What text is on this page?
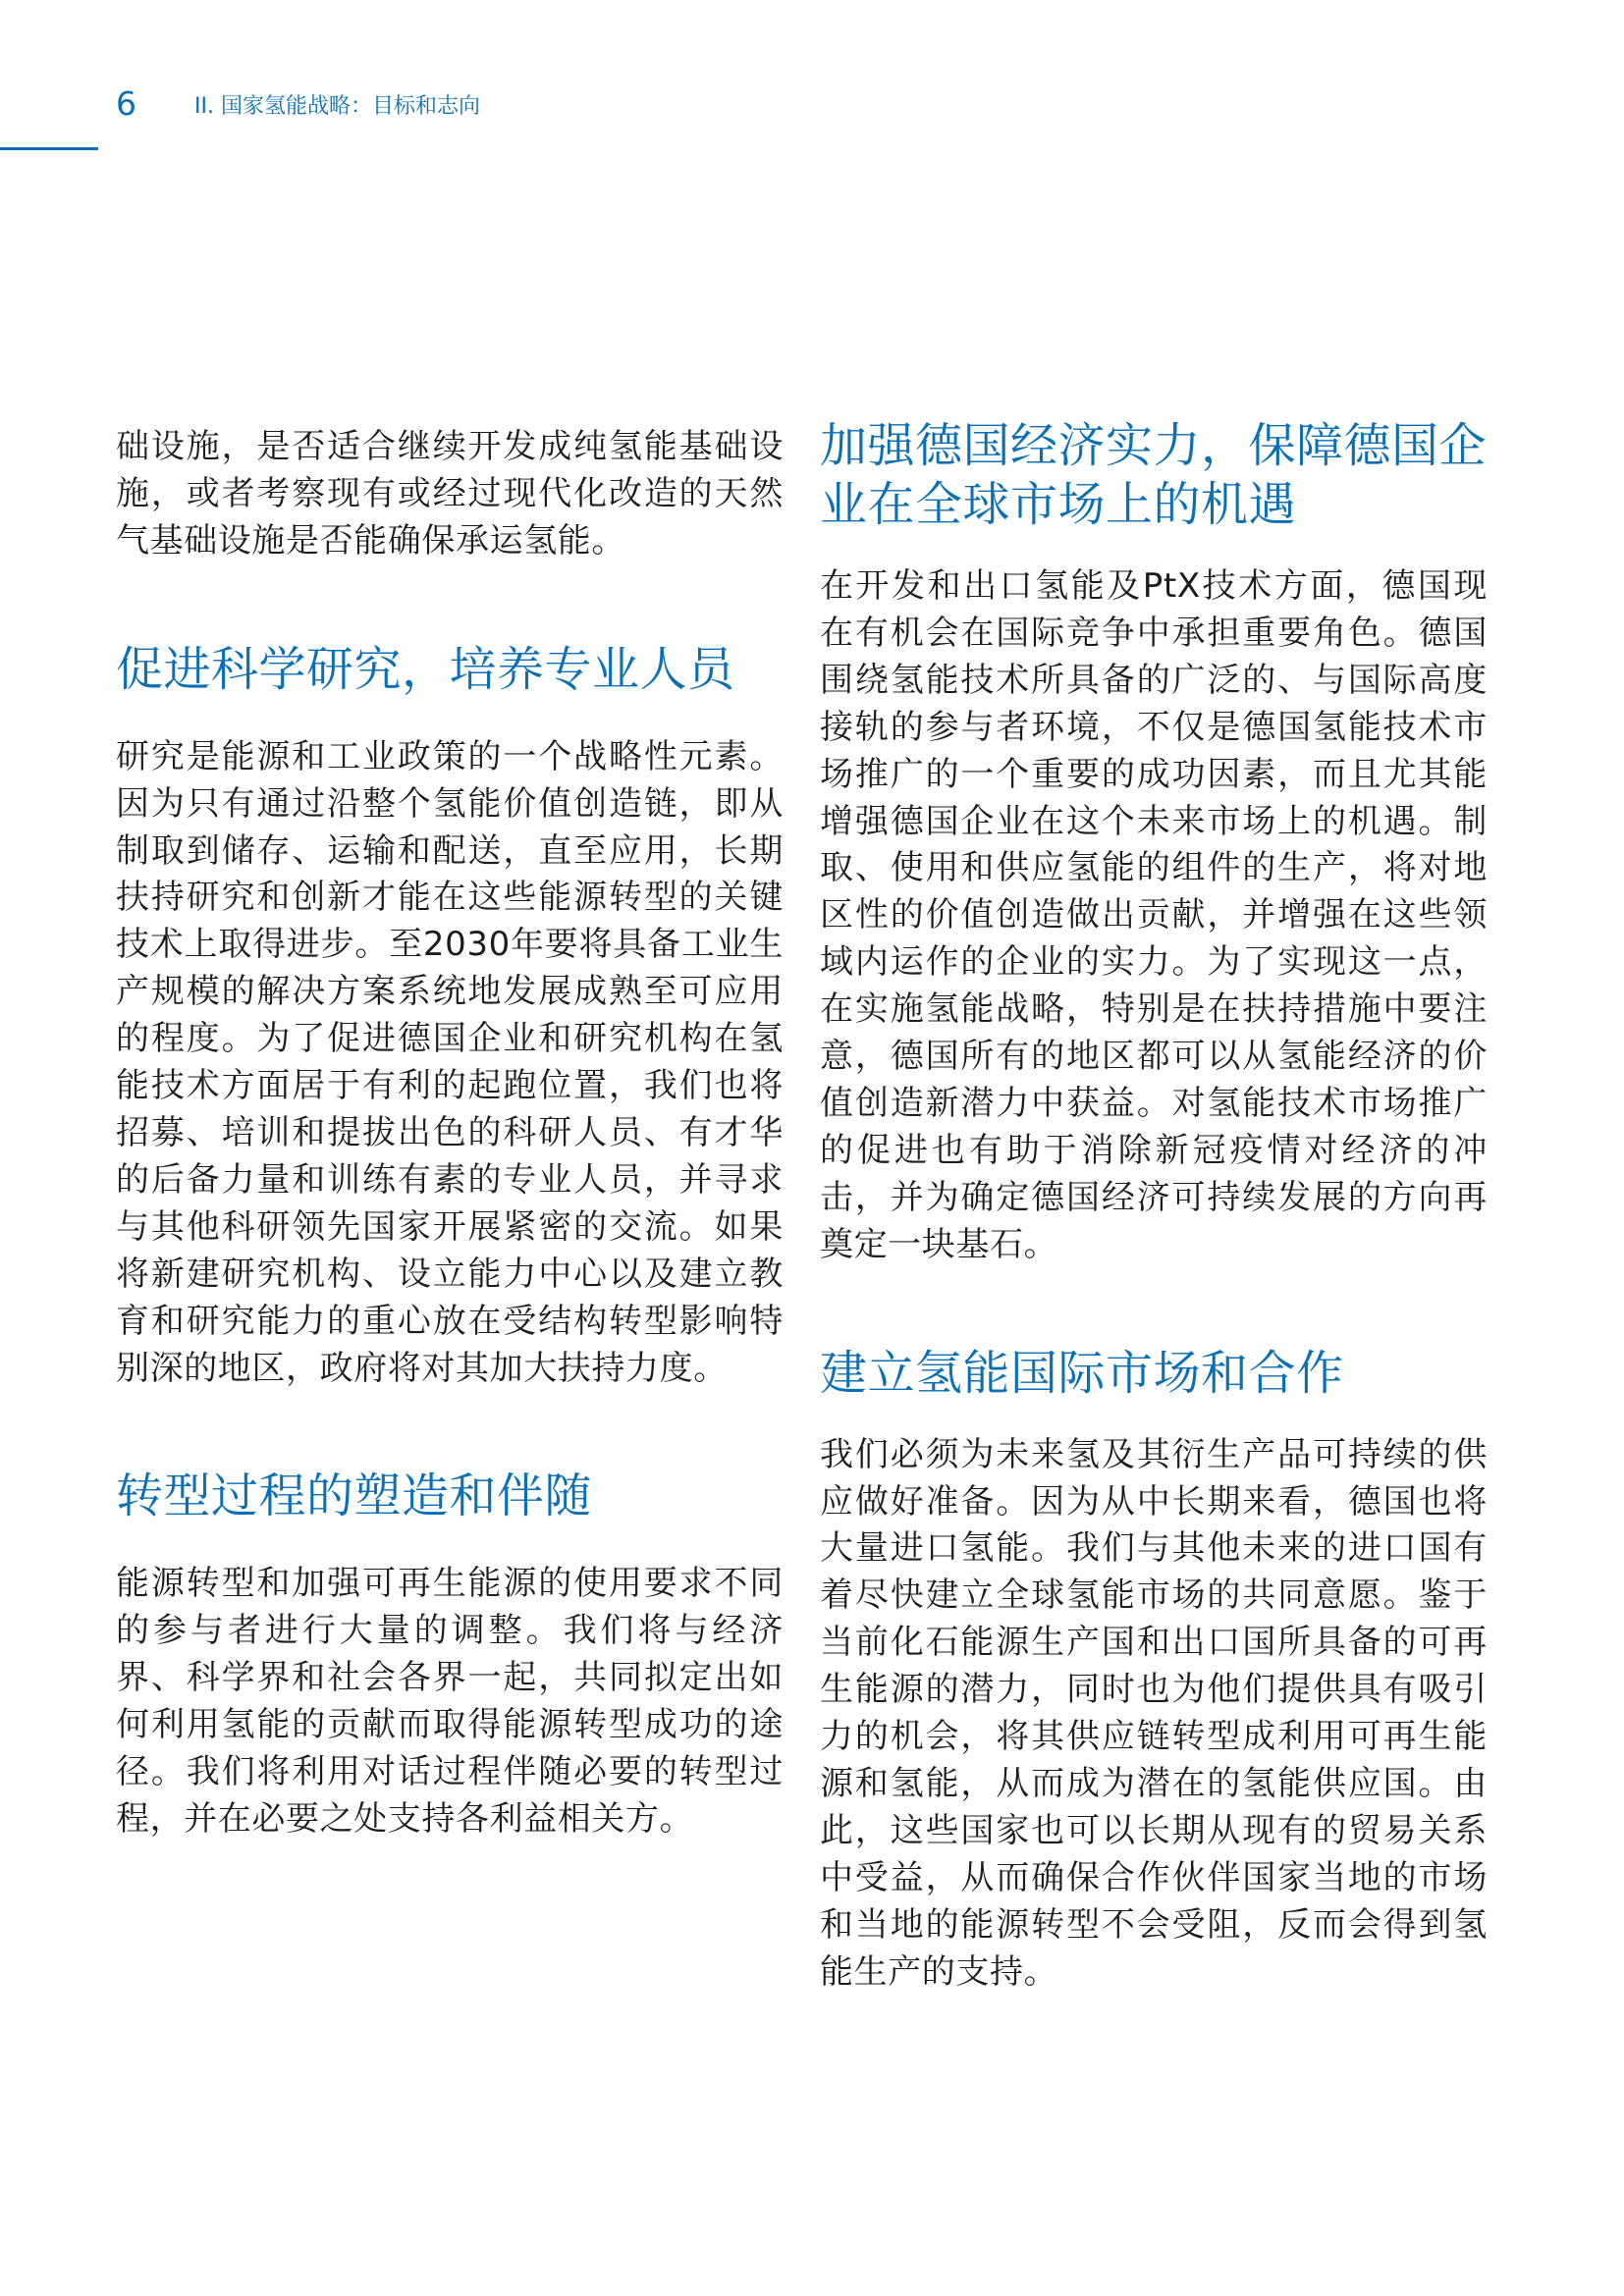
6	II. 国家氢能战略：目标和志向

础设施，是否适合继续开发成纯氢能基础设施，或者考察现有或经过现代化改造的天然气基础设施是否能确保承运氢能。

促进科学研究，培养专业人员

研究是能源和工业政策的一个战略性元素。因为只有通过沿整个氢能价值创造链，即从制取到储存、运输和配送，直至应用，长期扶持研究和创新才能在这些能源转型的关键技术上取得进步。至2030年要将具备工业生产规模的解决方案系统地发展成熟至可应用的程度。为了促进德国企业和研究机构在氢能技术方面居于有利的起跑位置，我们也将招募、培训和提拔出色的科研人员、有才华的后备力量和训练有素的专业人员，并寻求与其他科研领先国家开展紧密的交流。如果将新建研究机构、设立能力中心以及建立教育和研究能力的重心放在受结构转型影响特别深的地区，政府将对其加大扶持力度。

转型过程的塑造和伴随

能源转型和加强可再生能源的使用要求不同的参与者进行大量的调整。我们将与经济界、科学界和社会各界一起，共同拟定出如何利用氢能的贡献而取得能源转型成功的途径。我们将利用对话过程伴随必要的转型过程，并在必要之处支持各利益相关方。

加强德国经济实力，保障德国企业在全球市场上的机遇

在开发和出口氢能及PtX技术方面，德国现在有机会在国际竞争中承担重要角色。德国围绕氢能技术所具备的广泛的、与国际高度接轨的参与者环境，不仅是德国氢能技术市场推广的一个重要的成功因素，而且尤其能增强德国企业在这个未来市场上的机遇。制取、使用和供应氢能的组件的生产，将对地区性的价值创造做出贡献，并增强在这些领域内运作的企业的实力。为了实现这一点，在实施氢能战略，特别是在扶持措施中要注意，德国所有的地区都可以从氢能经济的价值创造新潜力中获益。对氢能技术市场推广的促进也有助于消除新冠疫情对经济的冲击，并为确定德国经济可持续发展的方向再奠定一块基石。

建立氢能国际市场和合作

我们必须为未来氢及其衍生产品可持续的供应做好准备。因为从中长期来看，德国也将大量进口氢能。我们与其他未来的进口国有着尽快建立全球氢能市场的共同意愿。鉴于当前化石能源生产国和出口国所具备的可再生能源的潜力，同时也为他们提供具有吸引力的机会，将其供应链转型成利用可再生能源和氢能，从而成为潜在的氢能供应国。由此，这些国家也可以长期从现有的贸易关系中受益，从而确保合作伙伴国家当地的市场和当地的能源转型不会受阻，反而会得到氢能生产的支持。
